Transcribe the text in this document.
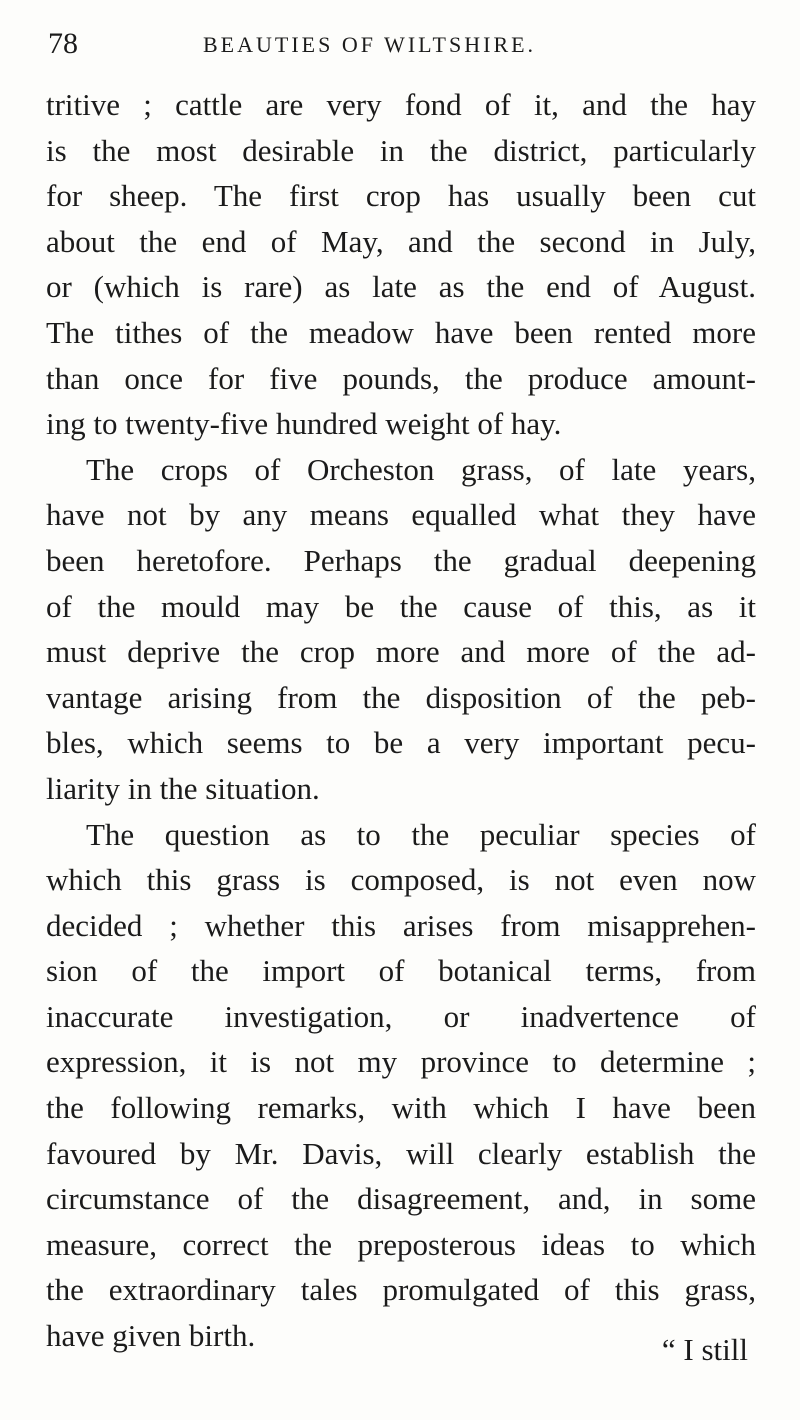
78	BEAUTIES OF WILTSHIRE.
tritive ; cattle are very fond of it, and the hay
is the most desirable in the district, particularly
for sheep. The first crop has usually been cut
about the end of May, and the second in July,
or (which is rare) as late as the end of August.
The tithes of the meadow have been rented more
than once for five pounds, the produce amount-
ing to twenty-five hundred weight of hay.
The crops of Orcheston grass, of late years,
have not by any means equalled what they have
been heretofore. Perhaps the gradual deepening
of the mould may be the cause of this, as it
must deprive the crop more and more of the ad-
vantage arising from the disposition of the peb-
bles, which seems to be a very important pecu-
liarity in the situation.
The question as to the peculiar species of
which this grass is composed, is not even now
decided ; whether this arises from misapprehen-
sion of the import of botanical terms, from
inaccurate investigation, or inadvertence of
expression, it is not my province to determine ;
the following remarks, with which I have been
favoured by Mr. Davis, will clearly establish the
circumstance of the disagreement, and, in some
measure, correct the preposterous ideas to which
the extraordinary tales promulgated of this grass,
have given birth.	“ I still
